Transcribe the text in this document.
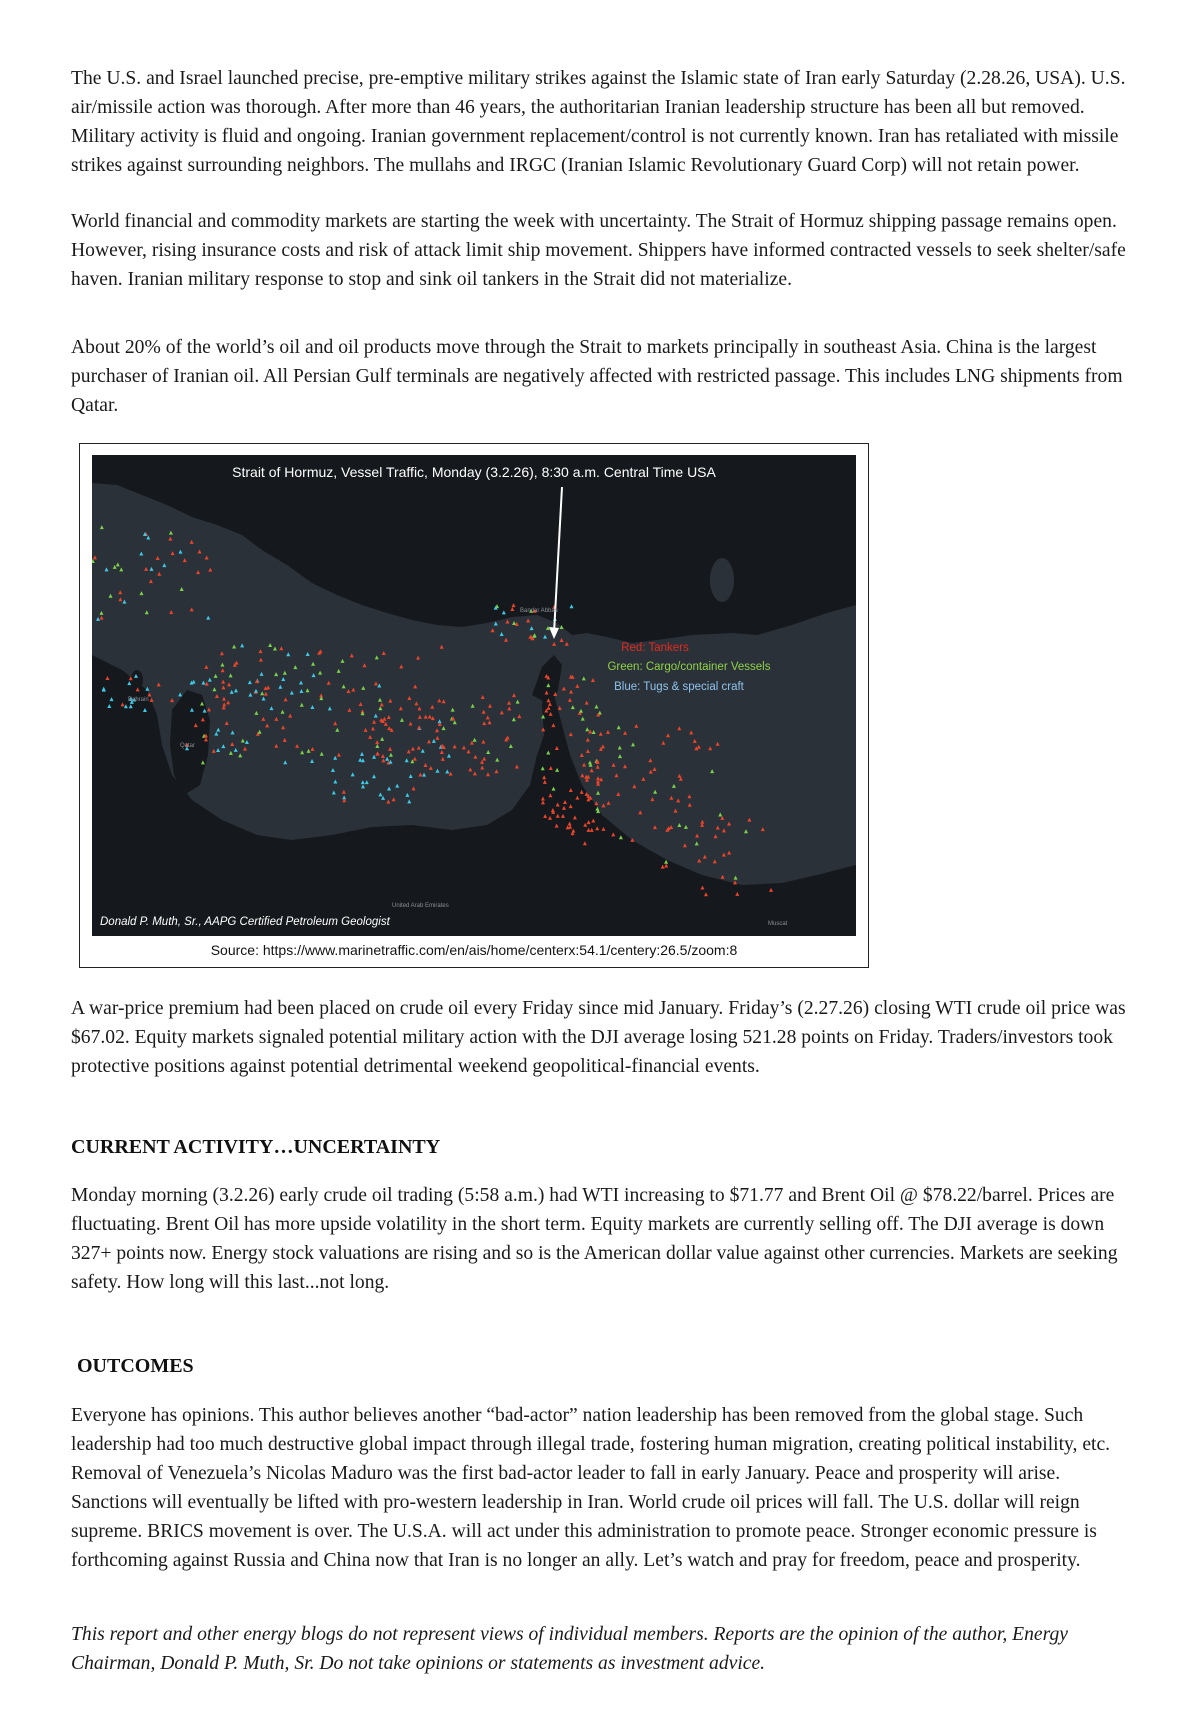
The U.S. and Israel launched precise, pre-emptive military strikes against the Islamic state of Iran early Saturday (2.28.26, USA). U.S. air/missile action was thorough. After more than 46 years, the authoritarian Iranian leadership structure has been all but removed. Military activity is fluid and ongoing. Iranian government replacement/control is not currently known. Iran has retaliated with missile strikes against surrounding neighbors. The mullahs and IRGC (Iranian Islamic Revolutionary Guard Corp) will not retain power.

World financial and commodity markets are starting the week with uncertainty. The Strait of Hormuz shipping passage remains open. However, rising insurance costs and risk of attack limit ship movement. Shippers have informed contracted vessels to seek shelter/safe haven. Iranian military response to stop and sink oil tankers in the Strait did not materialize.

About 20% of the world’s oil and oil products move through the Strait to markets principally in southeast Asia. China is the largest purchaser of Iranian oil. All Persian Gulf terminals are negatively affected with restricted passage. This includes LNG shipments from Qatar.

Strait of Hormuz, Vessel Traffic, Monday (3.2.26), 8:30 a.m. Central Time USA
Red: Tankers
Green: Cargo/container Vessels
Blue: Tugs & special craft
Bandar Abbas
Bahrain
Qatar
United Arab Emirates
Muscat
Donald P. Muth, Sr., AAPG Certified Petroleum Geologist
Source: https://www.marinetraffic.com/en/ais/home/centerx:54.1/centery:26.5/zoom:8

A war-price premium had been placed on crude oil every Friday since mid January. Friday’s (2.27.26) closing WTI crude oil price was $67.02. Equity markets signaled potential military action with the DJI average losing 521.28 points on Friday. Traders/investors took protective positions against potential detrimental weekend geopolitical-financial events.

CURRENT ACTIVITY…UNCERTAINTY

Monday morning (3.2.26) early crude oil trading (5:58 a.m.) had WTI increasing to $71.77 and Brent Oil @ $78.22/barrel. Prices are fluctuating. Brent Oil has more upside volatility in the short term. Equity markets are currently selling off. The DJI average is down 327+ points now. Energy stock valuations are rising and so is the American dollar value against other currencies. Markets are seeking safety. How long will this last...not long.

OUTCOMES

Everyone has opinions. This author believes another “bad-actor” nation leadership has been removed from the global stage. Such leadership had too much destructive global impact through illegal trade, fostering human migration, creating political instability, etc. Removal of Venezuela’s Nicolas Maduro was the first bad-actor leader to fall in early January. Peace and prosperity will arise. Sanctions will eventually be lifted with pro-western leadership in Iran. World crude oil prices will fall. The U.S. dollar will reign supreme. BRICS movement is over. The U.S.A. will act under this administration to promote peace. Stronger economic pressure is forthcoming against Russia and China now that Iran is no longer an ally. Let’s watch and pray for freedom, peace and prosperity.

This report and other energy blogs do not represent views of individual members. Reports are the opinion of the author, Energy Chairman, Donald P. Muth, Sr. Do not take opinions or statements as investment advice.
